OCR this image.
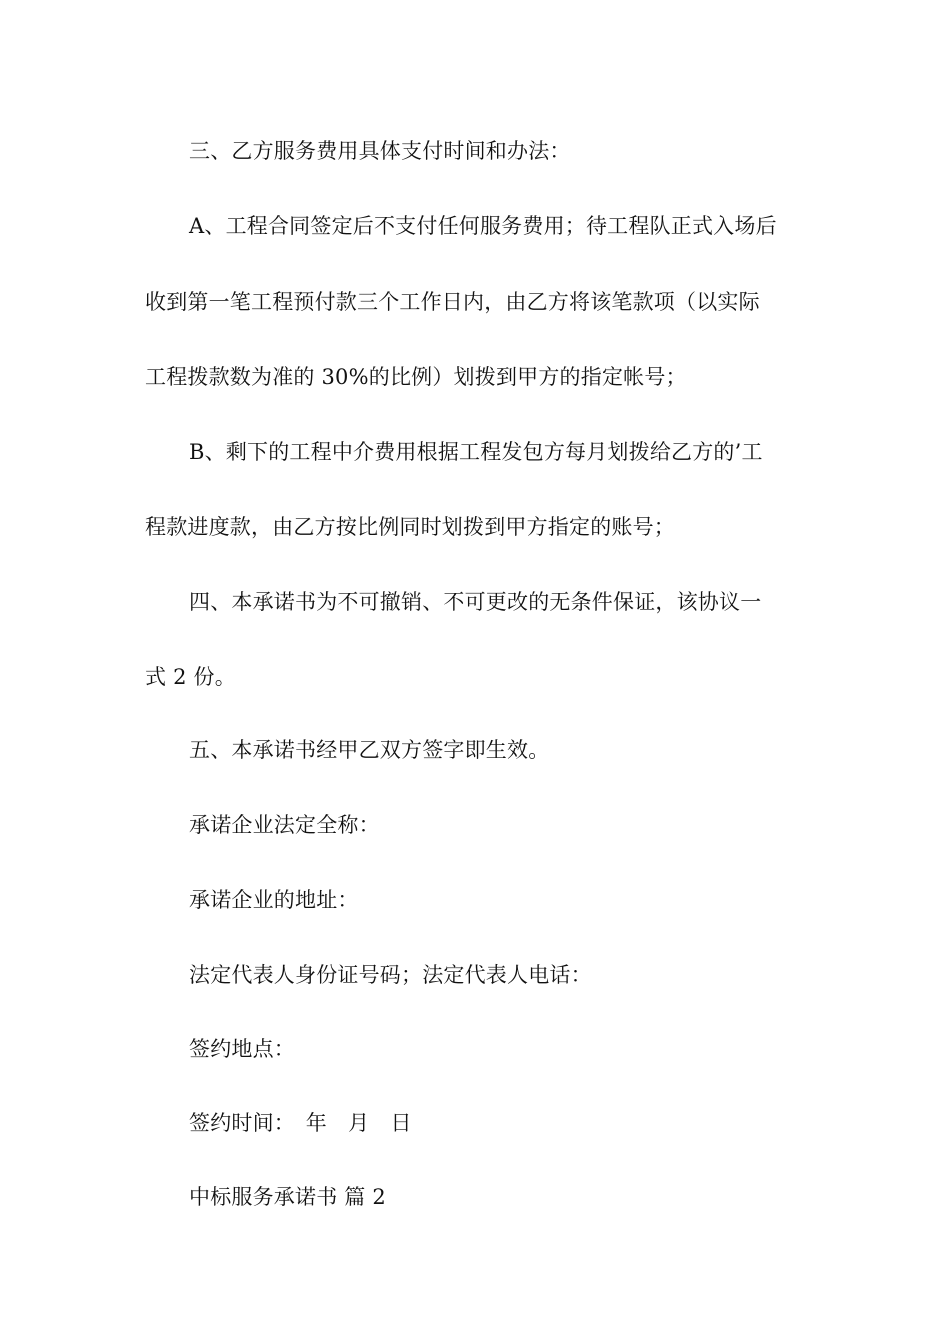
三、乙方服务费用具体支付时间和办法：
A、工程合同签定后不支付任何服务费用；待工程队正式入场后
收到第一笔工程预付款三个工作日内，由乙方将该笔款项（以实际
工程拨款数为准的 30%的比例）划拨到甲方的指定帐号；
B、剩下的工程中介费用根据工程发包方每月划拨给乙方的’工
程款进度款，由乙方按比例同时划拨到甲方指定的账号；
四、本承诺书为不可撤销、不可更改的无条件保证，该协议一
式 2 份。
五、本承诺书经甲乙双方签字即生效。
承诺企业法定全称：
承诺企业的地址：
法定代表人身份证号码；法定代表人电话：
签约地点：
签约时间：　年　月　日
中标服务承诺书 篇 2
